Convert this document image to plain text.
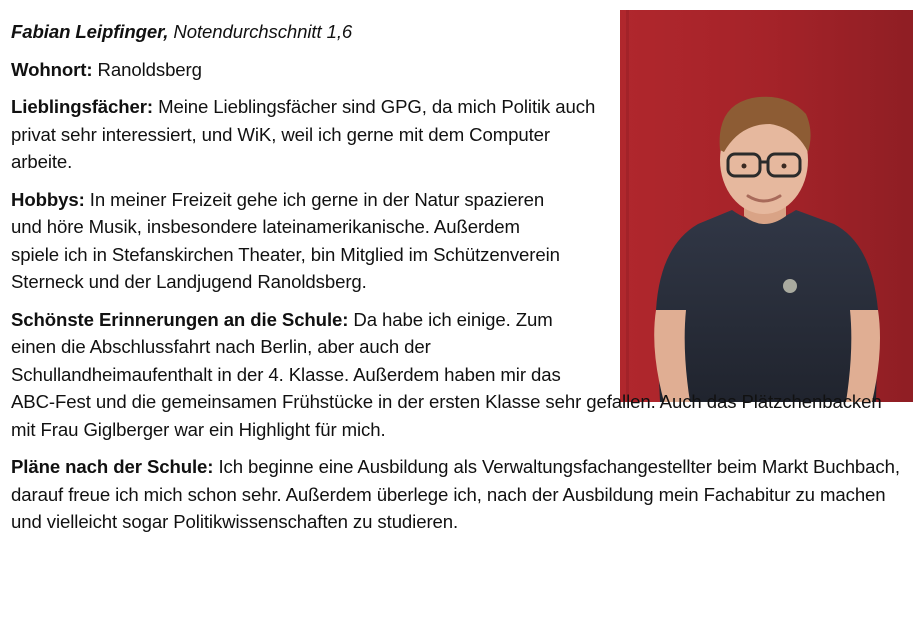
Fabian Leipfinger, Notendurchschnitt 1,6

Wohnort: Ranoldsberg

Lieblingsfächer: Meine Lieblingsfächer sind GPG, da mich Politik auch privat sehr interessiert, und WiK, weil ich gerne mit dem Computer arbeite.

Hobbys: In meiner Freizeit gehe ich gerne in der Natur spazieren und höre Musik, insbesondere lateinamerikanische. Außerdem spiele ich in Stefanskirchen Theater, bin Mitglied im Schützenverein Sterneck und der Landjugend Ranoldsberg.

Schönste Erinnerungen an die Schule: Da habe ich einige. Zum einen die Abschlussfahrt nach Berlin, aber auch der Schullandheimaufenthalt in der 4. Klasse. Außerdem haben mir das ABC-Fest und die gemeinsamen Frühstücke in der ersten Klasse sehr gefallen. Auch das Plätzchenbacken mit Frau Giglberger war ein Highlight für mich.

Pläne nach der Schule: Ich beginne eine Ausbildung als Verwaltungsfachangestellter beim Markt Buchbach, darauf freue ich mich schon sehr. Außerdem überlege ich, nach der Ausbildung mein Fachabitur zu machen und vielleicht sogar Politikwissenschaften zu studieren.
